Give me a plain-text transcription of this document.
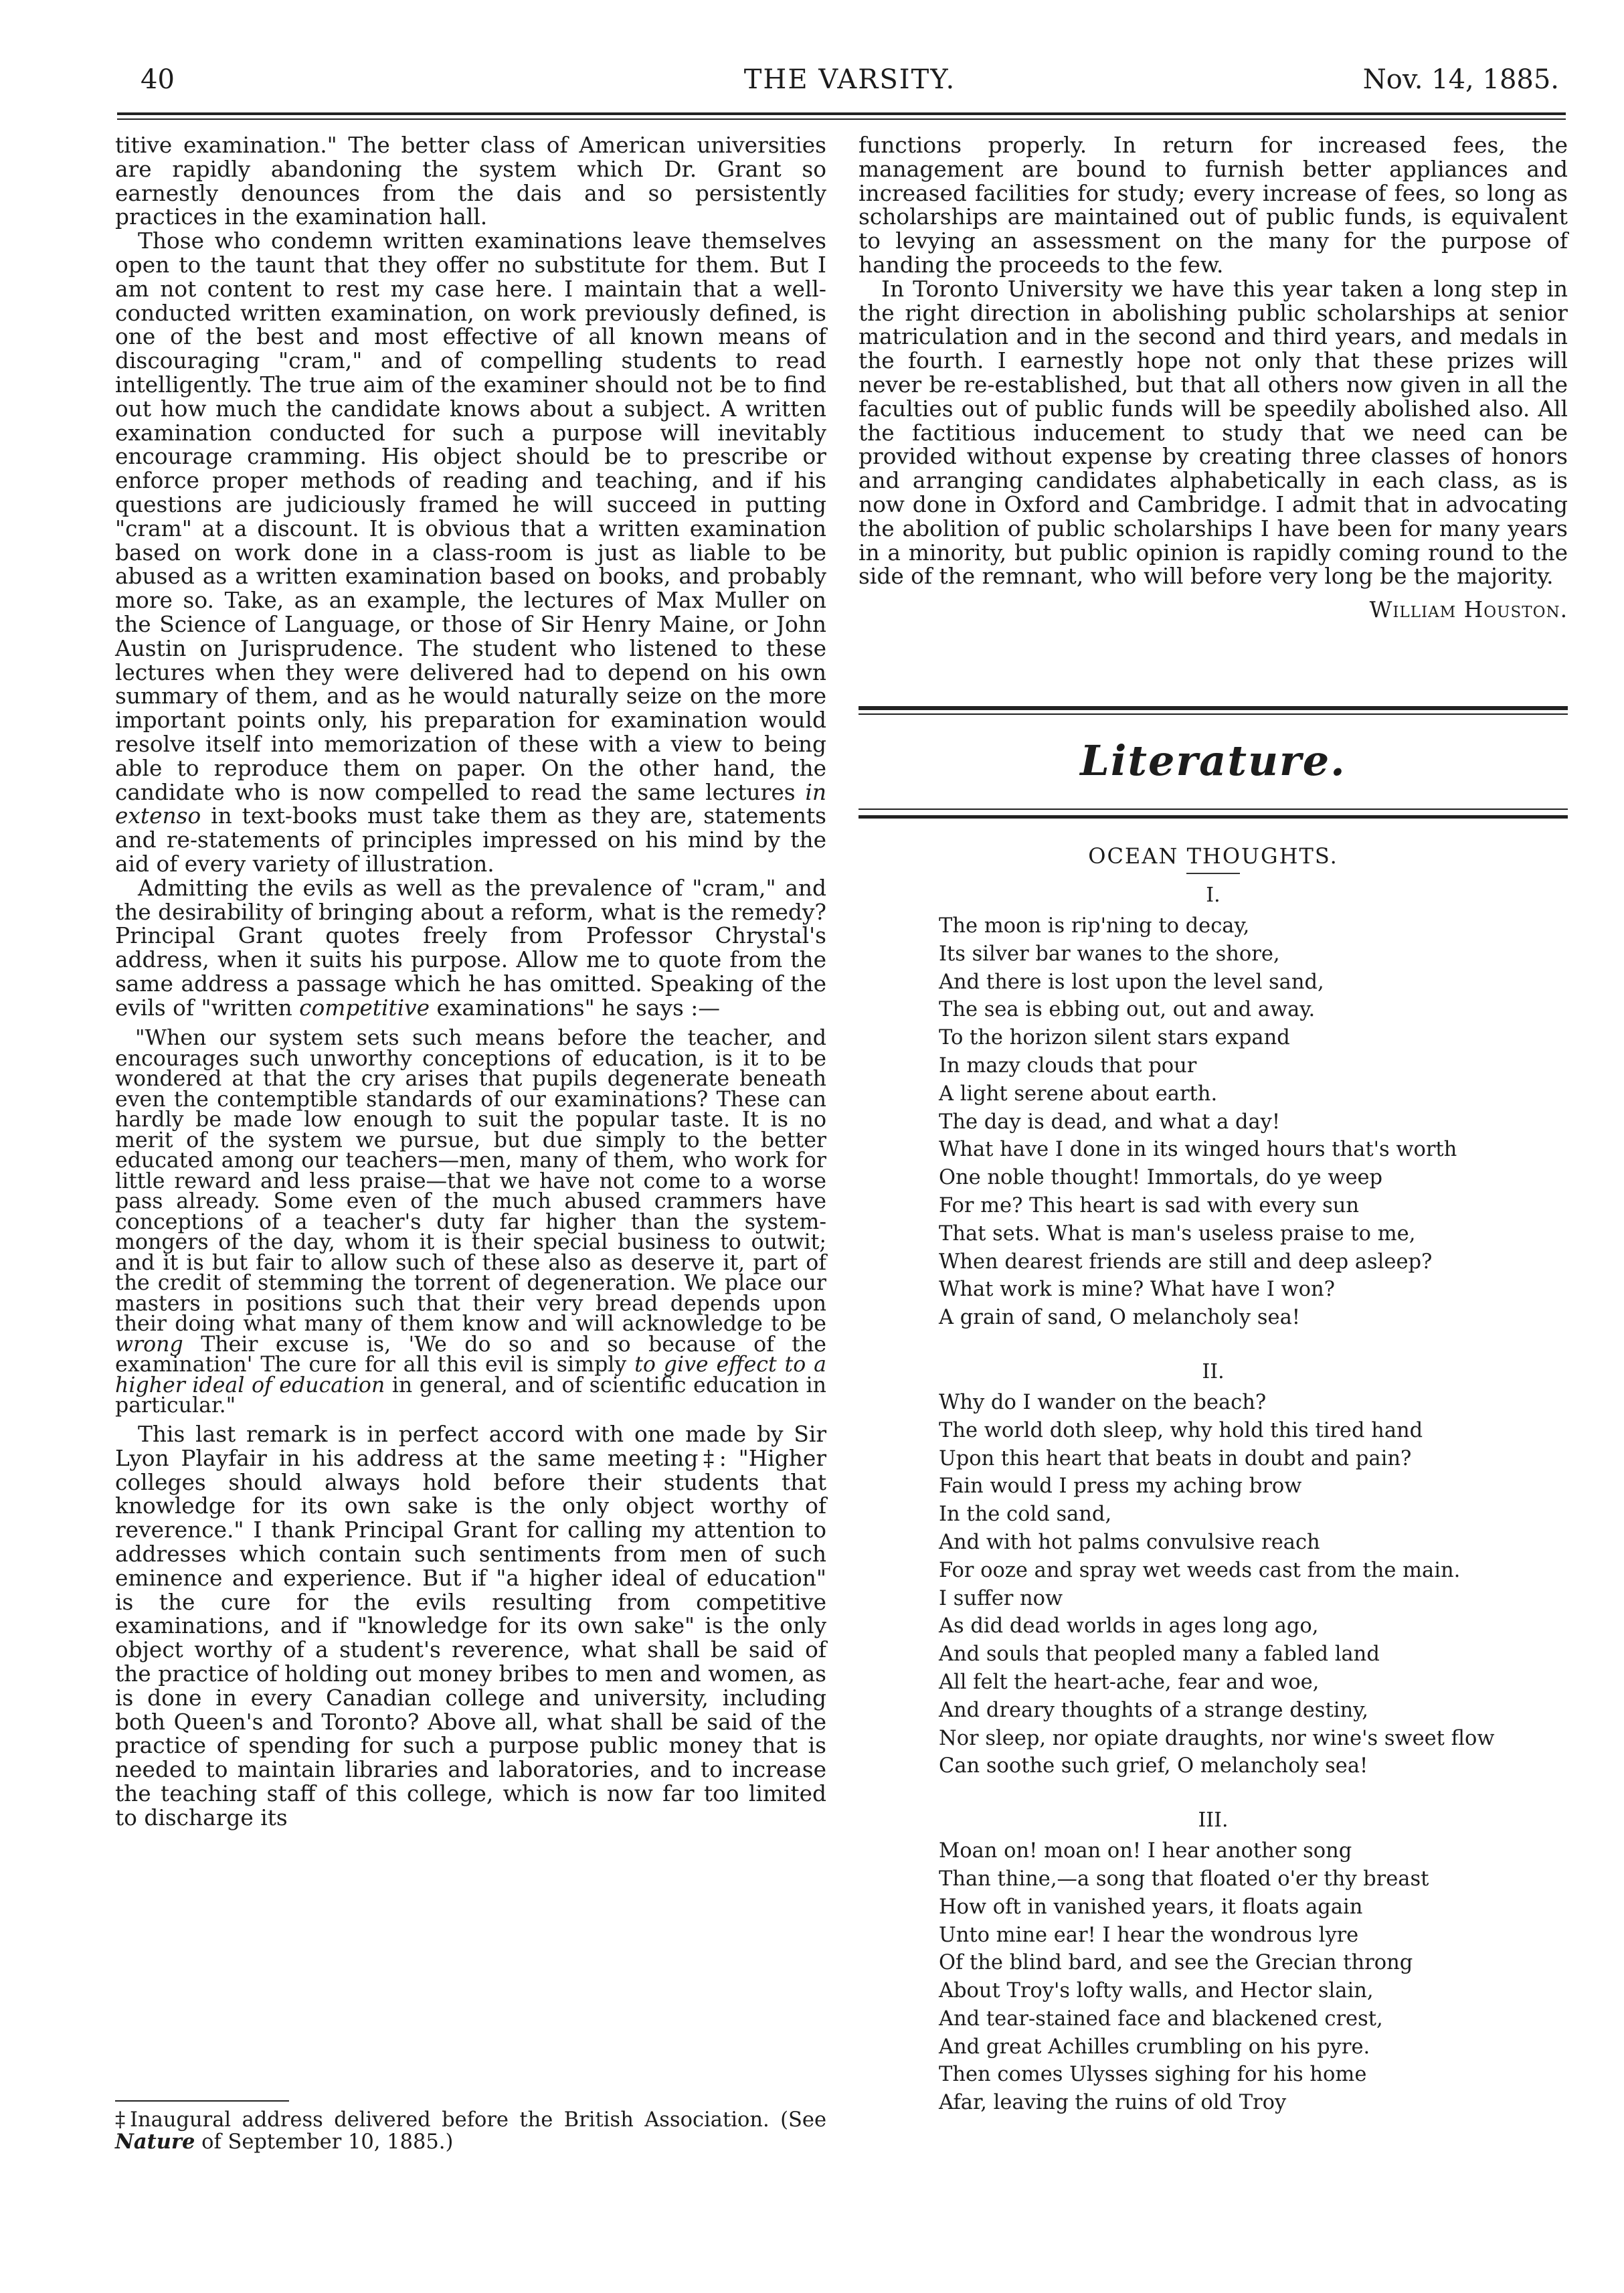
40	THE VARSITY.	Nov. 14, 1885.

titive examination." The better class of American universities are rapidly abandoning the system which Dr. Grant so earnestly denounces from the dais and so persistently practices in the examination hall.

Those who condemn written examinations leave themselves open to the taunt that they offer no substitute for them. But I am not content to rest my case here. I maintain that a well-conducted written examination, on work previously defined, is one of the best and most effective of all known means of discouraging "cram," and of compelling students to read intelligently. The true aim of the examiner should not be to find out how much the candidate knows about a subject. A written examination conducted for such a purpose will inevitably encourage cramming. His object should be to prescribe or enforce proper methods of reading and teaching, and if his questions are judiciously framed he will succeed in putting "cram" at a discount. It is obvious that a written examination based on work done in a class-room is just as liable to be abused as a written examination based on books, and probably more so. Take, as an example, the lectures of Max Muller on the Science of Language, or those of Sir Henry Maine, or John Austin on Jurisprudence. The student who listened to these lectures when they were delivered had to depend on his own summary of them, and as he would naturally seize on the more important points only, his preparation for examination would resolve itself into memorization of these with a view to being able to reproduce them on paper. On the other hand, the candidate who is now compelled to read the same lectures in extenso in text-books must take them as they are, statements and re-statements of principles impressed on his mind by the aid of every variety of illustration.

Admitting the evils as well as the prevalence of "cram," and the desirability of bringing about a reform, what is the remedy? Principal Grant quotes freely from Professor Chrystal's address, when it suits his purpose. Allow me to quote from the same address a passage which he has omitted. Speaking of the evils of "written competitive examinations" he says :—

"When our system sets such means before the teacher, and encourages such unworthy conceptions of education, is it to be wondered at that the cry arises that pupils degenerate beneath even the contemptible standards of our examinations? These can hardly be made low enough to suit the popular taste. It is no merit of the system we pursue, but due simply to the better educated among our teachers—men, many of them, who work for little reward and less praise—that we have not come to a worse pass already. Some even of the much abused crammers have conceptions of a teacher's duty far higher than the system-mongers of the day, whom it is their special business to outwit; and it is but fair to allow such of these also as deserve it, part of the credit of stemming the torrent of degeneration. We place our masters in positions such that their very bread depends upon their doing what many of them know and will acknowledge to be wrong Their excuse is, 'We do so and so because of the examination' The cure for all this evil is simply to give effect to a higher ideal of education in general, and of scientific education in particular."

This last remark is in perfect accord with one made by Sir Lyon Playfair in his address at the same meeting‡: "Higher colleges should always hold before their students that knowledge for its own sake is the only object worthy of reverence." I thank Principal Grant for calling my attention to addresses which contain such sentiments from men of such eminence and experience. But if "a higher ideal of education" is the cure for the evils resulting from competitive examinations, and if "knowledge for its own sake" is the only object worthy of a student's reverence, what shall be said of the practice of holding out money bribes to men and women, as is done in every Canadian college and university, including both Queen's and Toronto? Above all, what shall be said of the practice of spending for such a purpose public money that is needed to maintain libraries and laboratories, and to increase the teaching staff of this college, which is now far too limited to discharge its

‡Inaugural address delivered before the British Association. (See Nature of September 10, 1885.)

functions properly. In return for increased fees, the management are bound to furnish better appliances and increased facilities for study; every increase of fees, so long as scholarships are maintained out of public funds, is equivalent to levying an assessment on the many for the purpose of handing the proceeds to the few.

In Toronto University we have this year taken a long step in the right direction in abolishing public scholarships at senior matriculation and in the second and third years, and medals in the fourth. I earnestly hope not only that these prizes will never be re-established, but that all others now given in all the faculties out of public funds will be speedily abolished also. All the factitious inducement to study that we need can be provided without expense by creating three classes of honors and arranging candidates alphabetically in each class, as is now done in Oxford and Cambridge. I admit that in advocating the abolition of public scholarships I have been for many years in a minority, but public opinion is rapidly coming round to the side of the remnant, who will before very long be the majority.

William Houston.
Literature.
OCEAN THOUGHTS.
I.
The moon is rip'ning to decay,
Its silver bar wanes to the shore,
And there is lost upon the level sand,
The sea is ebbing out, out and away.
To the horizon silent stars expand
In mazy clouds that pour
A light serene about earth.
The day is dead, and what a day!
What have I done in its winged hours that's worth
One noble thought! Immortals, do ye weep
For me? This heart is sad with every sun
That sets. What is man's useless praise to me,
When dearest friends are still and deep asleep?
What work is mine? What have I won?
A grain of sand, O melancholy sea!
II.
Why do I wander on the beach?
The world doth sleep, why hold this tired hand
Upon this heart that beats in doubt and pain?
Fain would I press my aching brow
In the cold sand,
And with hot palms convulsive reach
For ooze and spray wet weeds cast from the main.
I suffer now
As did dead worlds in ages long ago,
And souls that peopled many a fabled land
All felt the heart-ache, fear and woe,
And dreary thoughts of a strange destiny,
Nor sleep, nor opiate draughts, nor wine's sweet flow
Can soothe such grief, O melancholy sea!
III.
Moan on! moan on! I hear another song
Than thine,—a song that floated o'er thy breast
How oft in vanished years, it floats again
Unto mine ear! I hear the wondrous lyre
Of the blind bard, and see the Grecian throng
About Troy's lofty walls, and Hector slain,
And tear-stained face and blackened crest,
And great Achilles crumbling on his pyre.
Then comes Ulysses sighing for his home
Afar, leaving the ruins of old Troy
